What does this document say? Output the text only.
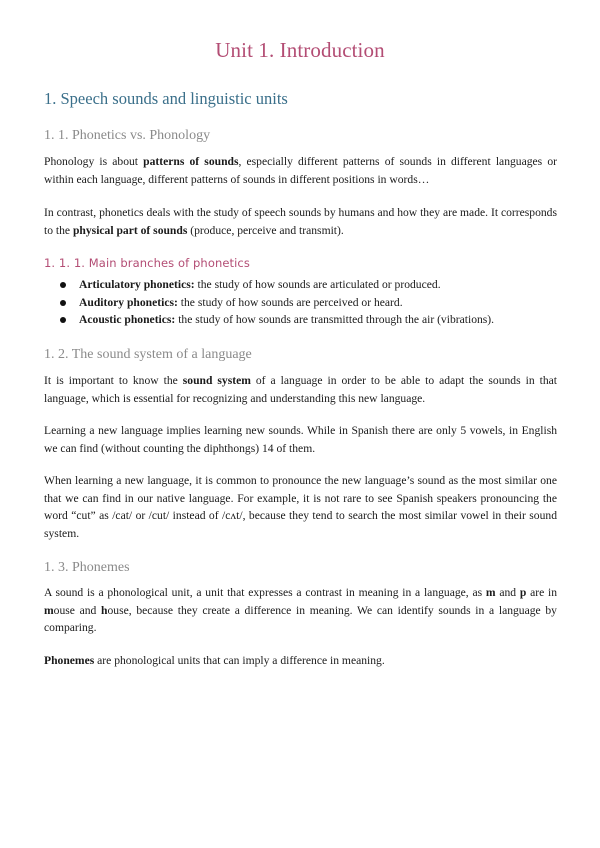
Unit 1. Introduction
1. Speech sounds and linguistic units
1. 1. Phonetics vs. Phonology

Phonology is about patterns of sounds, especially different patterns of sounds in different languages or within each language, different patterns of sounds in different positions in words…

In contrast, phonetics deals with the study of speech sounds by humans and how they are made. It corresponds to the physical part of sounds (produce, perceive and transmit).

1. 1. 1. Main branches of phonetics
Articulatory phonetics: the study of how sounds are articulated or produced.
Auditory phonetics: the study of how sounds are perceived or heard.
Acoustic phonetics: the study of how sounds are transmitted through the air (vibrations).
1. 2. The sound system of a language

It is important to know the sound system of a language in order to be able to adapt the sounds in that language, which is essential for recognizing and understanding this new language.

Learning a new language implies learning new sounds. While in Spanish there are only 5 vowels, in English we can find (without counting the diphthongs) 14 of them.

When learning a new language, it is common to pronounce the new language’s sound as the most similar one that we can find in our native language. For example, it is not rare to see Spanish speakers pronouncing the word “cut” as /cat/ or /cut/ instead of /cʌt/, because they tend to search the most similar vowel in their sound system.

1. 3. Phonemes

A sound is a phonological unit, a unit that expresses a contrast in meaning in a language, as m and p are in mouse and house, because they create a difference in meaning. We can identify sounds in a language by comparing.

Phonemes are phonological units that can imply a difference in meaning.
